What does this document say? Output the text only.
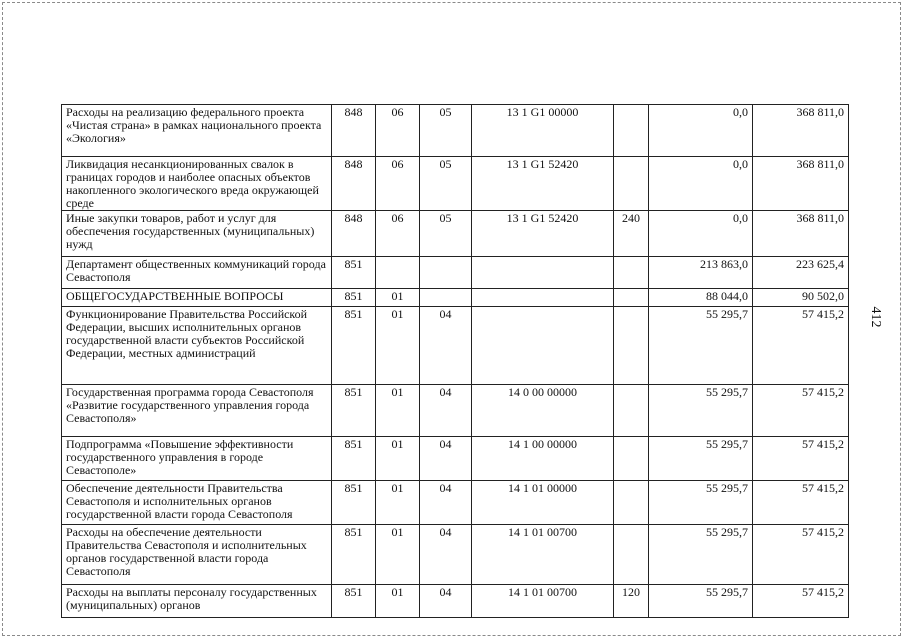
Расходы на реализацию федерального проекта «Чистая страна» в рамках национального проекта «Экология»	848	06	05	13 1 G1 00000		0,0	368 811,0
Ликвидация несанкционированных свалок в границах городов и наиболее опасных объектов накопленного экологического вреда окружающей среде	848	06	05	13 1 G1 52420		0,0	368 811,0
Иные закупки товаров, работ и услуг для обеспечения государственных (муниципальных) нужд	848	06	05	13 1 G1 52420	240	0,0	368 811,0
Департамент общественных коммуникаций города Севастополя	851					213 863,0	223 625,4
ОБЩЕГОСУДАРСТВЕННЫЕ ВОПРОСЫ	851	01				88 044,0	90 502,0
Функционирование Правительства Российской Федерации, высших исполнительных органов государственной власти субъектов Российской Федерации, местных администраций	851	01	04			55 295,7	57 415,2
Государственная программа города Севастополя «Развитие государственного управления города Севастополя»	851	01	04	14 0 00 00000		55 295,7	57 415,2
Подпрограмма «Повышение эффективности государственного управления в городе Севастополе»	851	01	04	14 1 00 00000		55 295,7	57 415,2
Обеспечение деятельности Правительства Севастополя и исполнительных органов государственной власти города Севастополя	851	01	04	14 1 01 00000		55 295,7	57 415,2
Расходы на обеспечение деятельности Правительства Севастополя и исполнительных органов государственной власти города Севастополя	851	01	04	14 1 01 00700		55 295,7	57 415,2
Расходы на выплаты персоналу государственных (муниципальных) органов	851	01	04	14 1 01 00700	120	55 295,7	57 415,2
412
